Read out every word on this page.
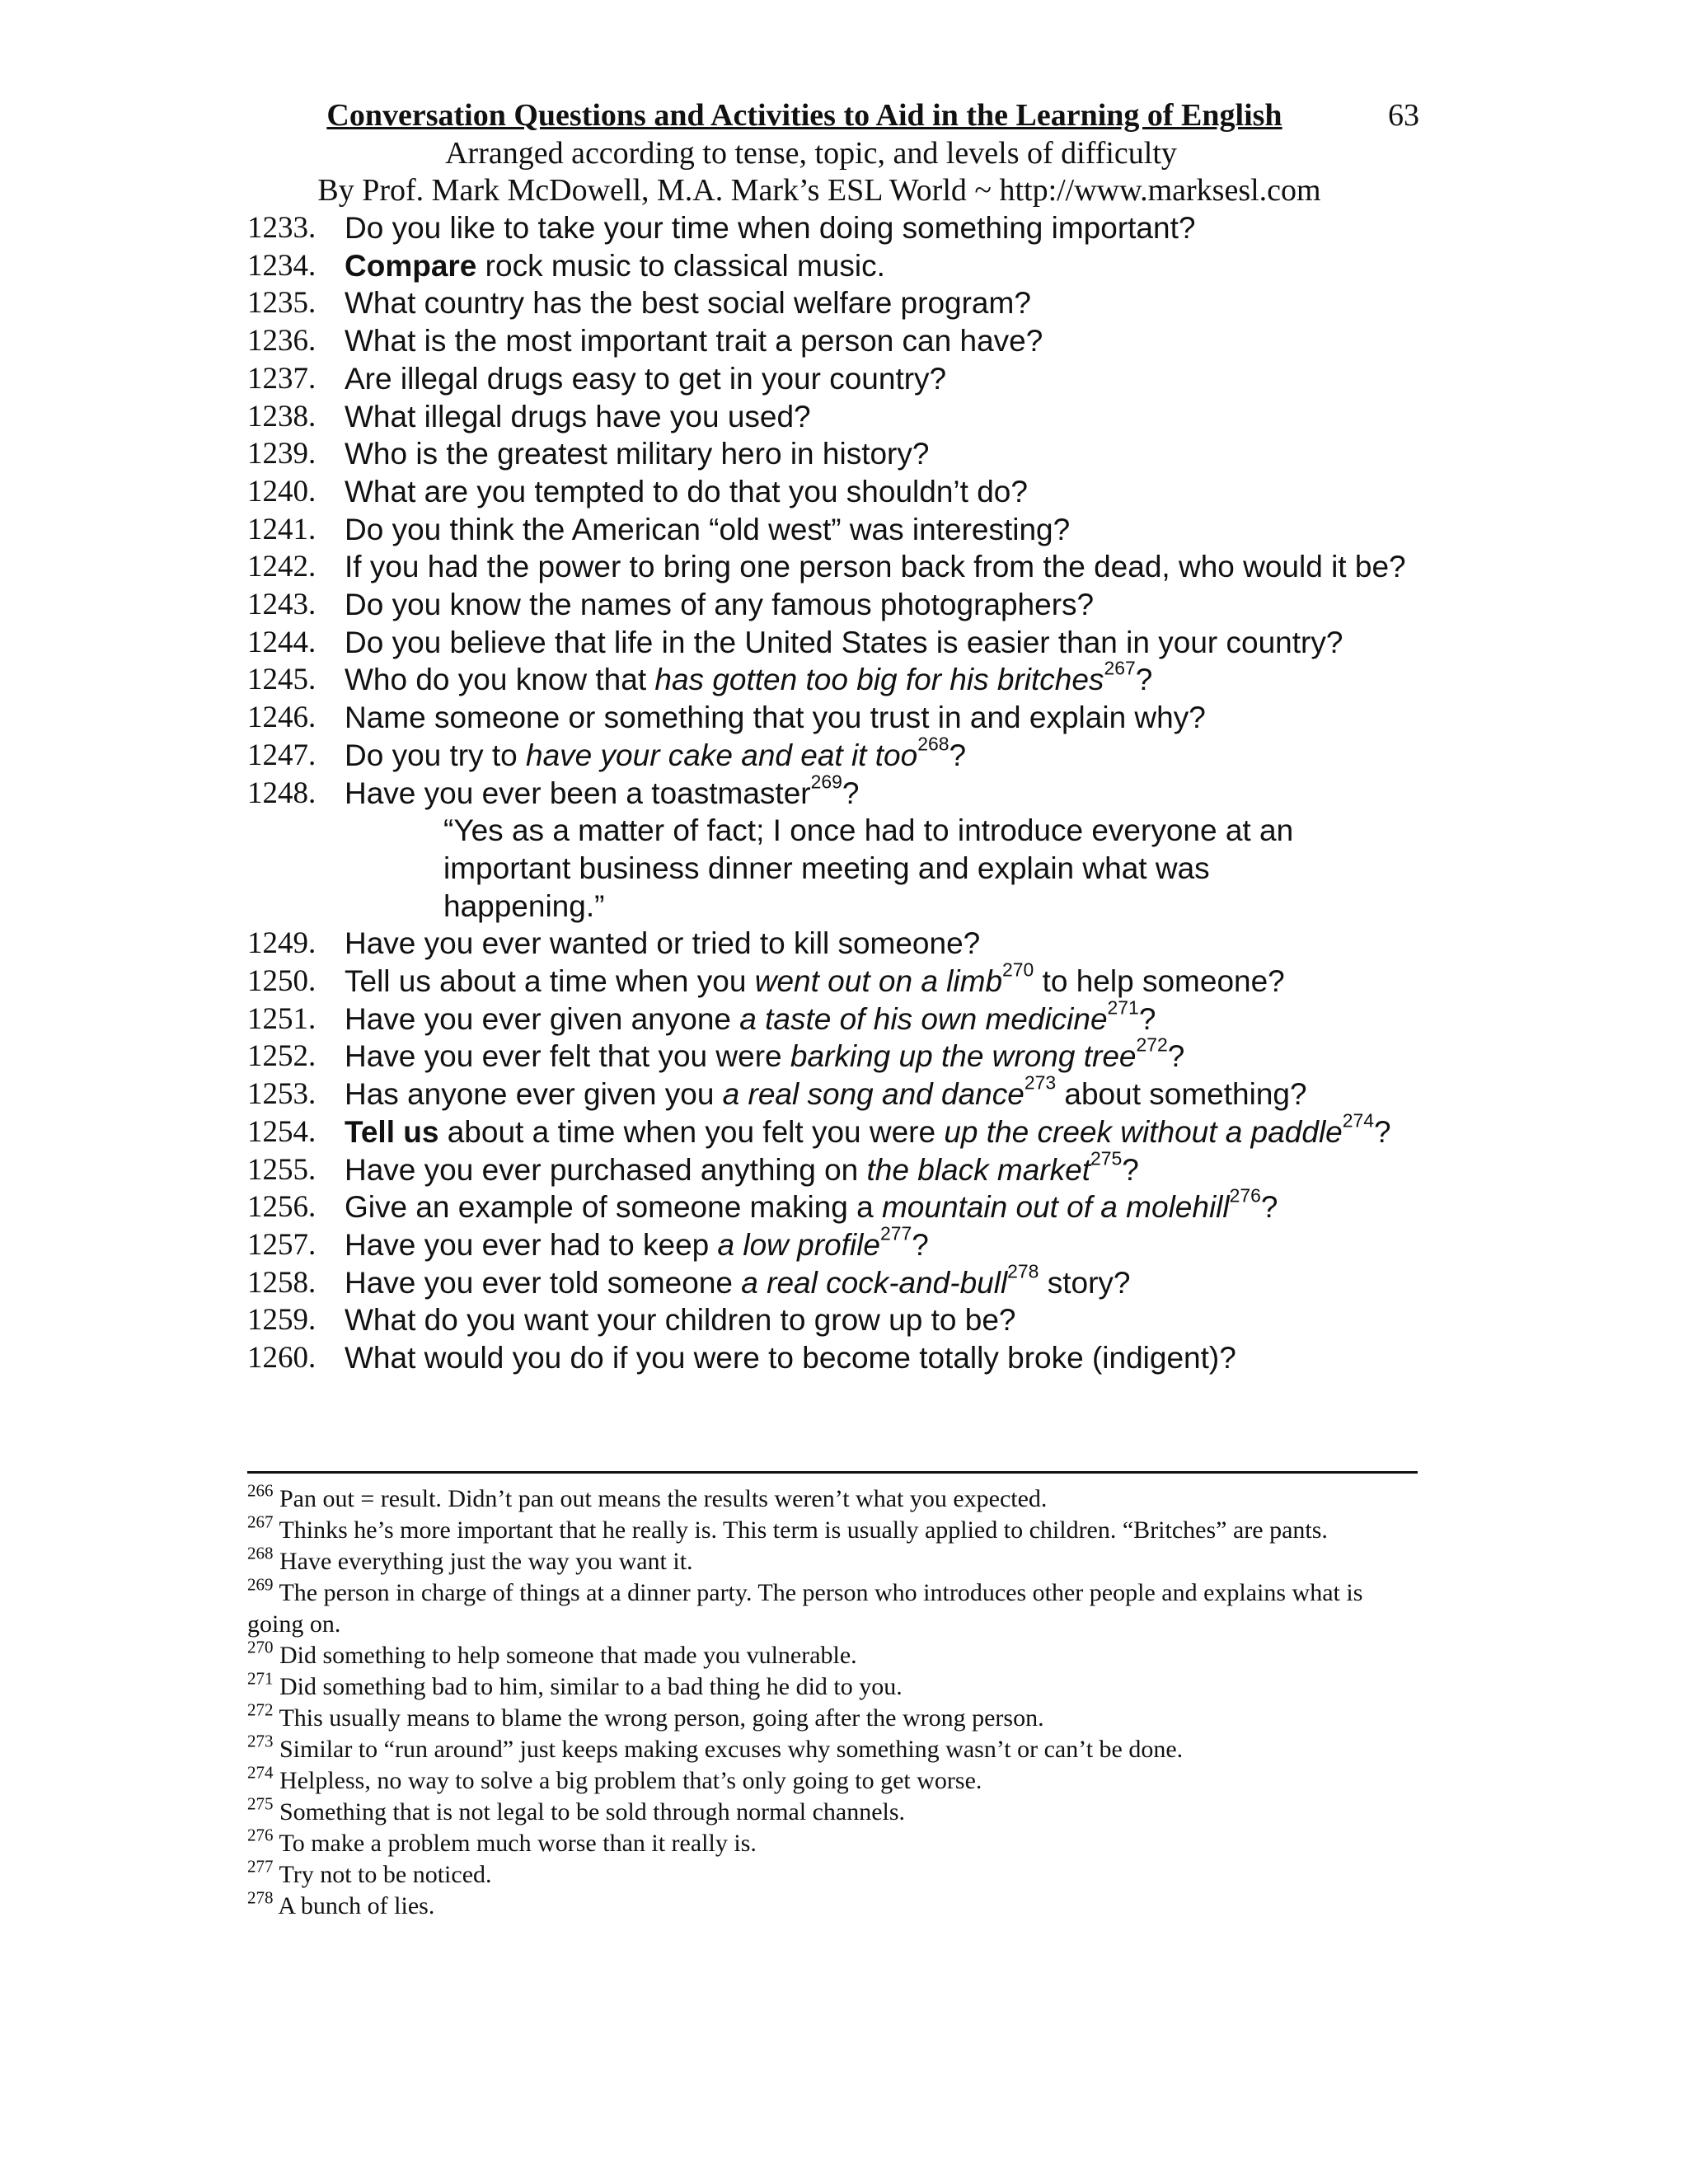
Conversation Questions and Activities to Aid in the Learning of English	63
Arranged according to tense, topic, and levels of difficulty
By Prof. Mark McDowell, M.A. Mark’s ESL World ~ http://www.marksesl.com
1233. Do you like to take your time when doing something important?
1234. Compare rock music to classical music.
1235. What country has the best social welfare program?
1236. What is the most important trait a person can have?
1237. Are illegal drugs easy to get in your country?
1238. What illegal drugs have you used?
1239. Who is the greatest military hero in history?
1240. What are you tempted to do that you shouldn’t do?
1241. Do you think the American “old west” was interesting?
1242. If you had the power to bring one person back from the dead, who would it be?
1243. Do you know the names of any famous photographers?
1244. Do you believe that life in the United States is easier than in your country?
1245. Who do you know that has gotten too big for his britches$^{267}$?
1246. Name someone or something that you trust in and explain why?
1247. Do you try to have your cake and eat it too$^{268}$?
1248. Have you ever been a toastmaster$^{269}$?
“Yes as a matter of fact; I once had to introduce everyone at an important business dinner meeting and explain what was happening.”
1249. Have you ever wanted or tried to kill someone?
1250. Tell us about a time when you went out on a limb$^{270}$ to help someone?
1251. Have you ever given anyone a taste of his own medicine$^{271}$?
1252. Have you ever felt that you were barking up the wrong tree$^{272}$?
1253. Has anyone ever given you a real song and dance$^{273}$ about something?
1254. Tell us about a time when you felt you were up the creek without a paddle$^{274}$?
1255. Have you ever purchased anything on the black market$^{275}$?
1256. Give an example of someone making a mountain out of a molehill$^{276}$?
1257. Have you ever had to keep a low profile$^{277}$?
1258. Have you ever told someone a real cock-and-bull$^{278}$ story?
1259. What do you want your children to grow up to be?
1260. What would you do if you were to become totally broke (indigent)?
$^{266}$ Pan out = result. Didn’t pan out means the results weren’t what you expected.
$^{267}$ Thinks he’s more important that he really is. This term is usually applied to children. “Britches” are pants.
$^{268}$ Have everything just the way you want it.
$^{269}$ The person in charge of things at a dinner party. The person who introduces other people and explains what is going on.
$^{270}$ Did something to help someone that made you vulnerable.
$^{271}$ Did something bad to him, similar to a bad thing he did to you.
$^{272}$ This usually means to blame the wrong person, going after the wrong person.
$^{273}$ Similar to “run around” just keeps making excuses why something wasn’t or can’t be done.
$^{274}$ Helpless, no way to solve a big problem that’s only going to get worse.
$^{275}$ Something that is not legal to be sold through normal channels.
$^{276}$ To make a problem much worse than it really is.
$^{277}$ Try not to be noticed.
$^{278}$ A bunch of lies.
